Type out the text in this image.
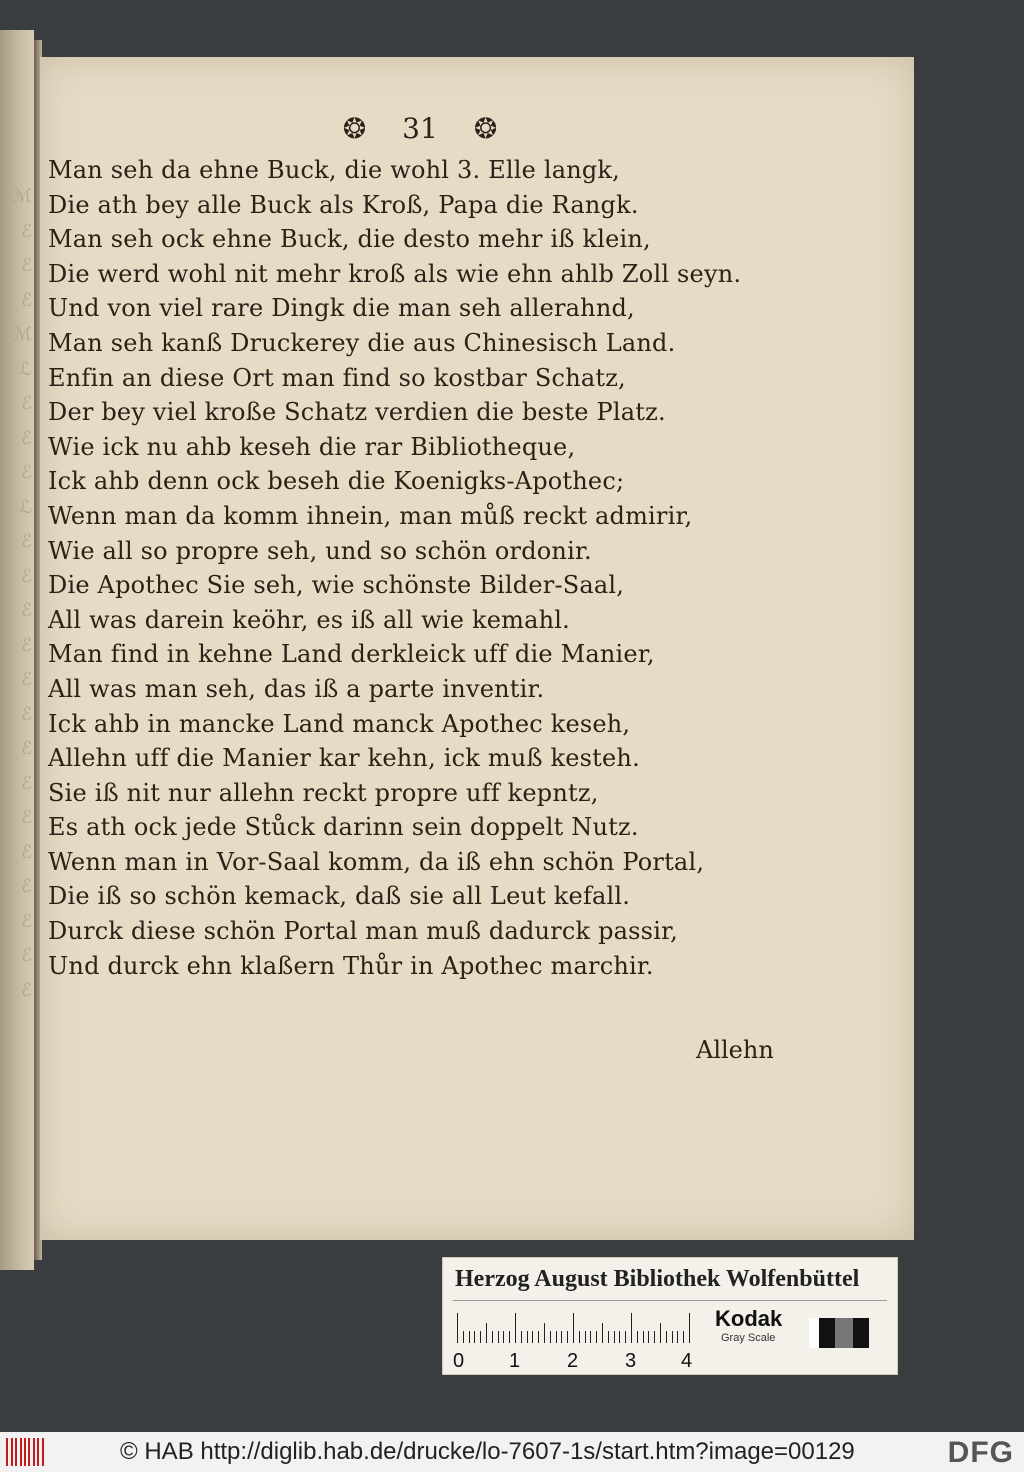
ℳ
ℰ
ℰ
ℰ
ℳ
ℒ
ℰ
ℰ
ℰ
ℒ
ℰ
ℰ
ℰ
ℰ
ℰ
ℰ
ℰ
ℰ
ℰ
ℰ
ℰ
ℰ
ℰ
ℰ
❂ 31 ❂
Man seh da ehne Buck, die wohl 3. Elle langk,
Die ath bey alle Buck als Kroß, Papa die Rangk.
Man seh ock ehne Buck, die desto mehr iß klein,
Die werd wohl nit mehr kroß als wie ehn ahlb Zoll seyn.
Und von viel rare Dingk die man seh allerahnd,
Man seh kanß Druckerey die aus Chinesisch Land.
Enfin an diese Ort man find so kostbar Schatz,
Der bey viel kroße Schatz verdien die beste Platz.
Wie ick nu ahb keseh die rar Bibliotheque,
Ick ahb denn ock beseh die Koenigks-Apothec;
Wenn man da komm ihnein, man můß reckt admirir,
Wie all so propre seh, und so schön ordonir.
Die Apothec Sie seh, wie schönste Bilder-Saal,
All was darein keöhr, es iß all wie kemahl.
Man find in kehne Land derkleick uff die Manier,
All was man seh, das iß a parte inventir.
Ick ahb in mancke Land manck Apothec keseh,
Allehn uff die Manier kar kehn, ick muß kesteh.
Sie iß nit nur allehn reckt propre uff kepntz,
Es ath ock jede Stůck darinn sein doppelt Nutz.
Wenn man in Vor-Saal komm, da iß ehn schön Portal,
Die iß so schön kemack, daß sie all Leut kefall.
Durck diese schön Portal man muß dadurck passir,
Und durck ehn klaßern Thůr in Apothec marchir.
Allehn
Herzog August Bibliothek Wolfenbüttel
0 1 2 3 4
Kodak
Gray Scale
© HAB http://diglib.hab.de/drucke/lo-7607-1s/start.htm?image=00129	DFG
